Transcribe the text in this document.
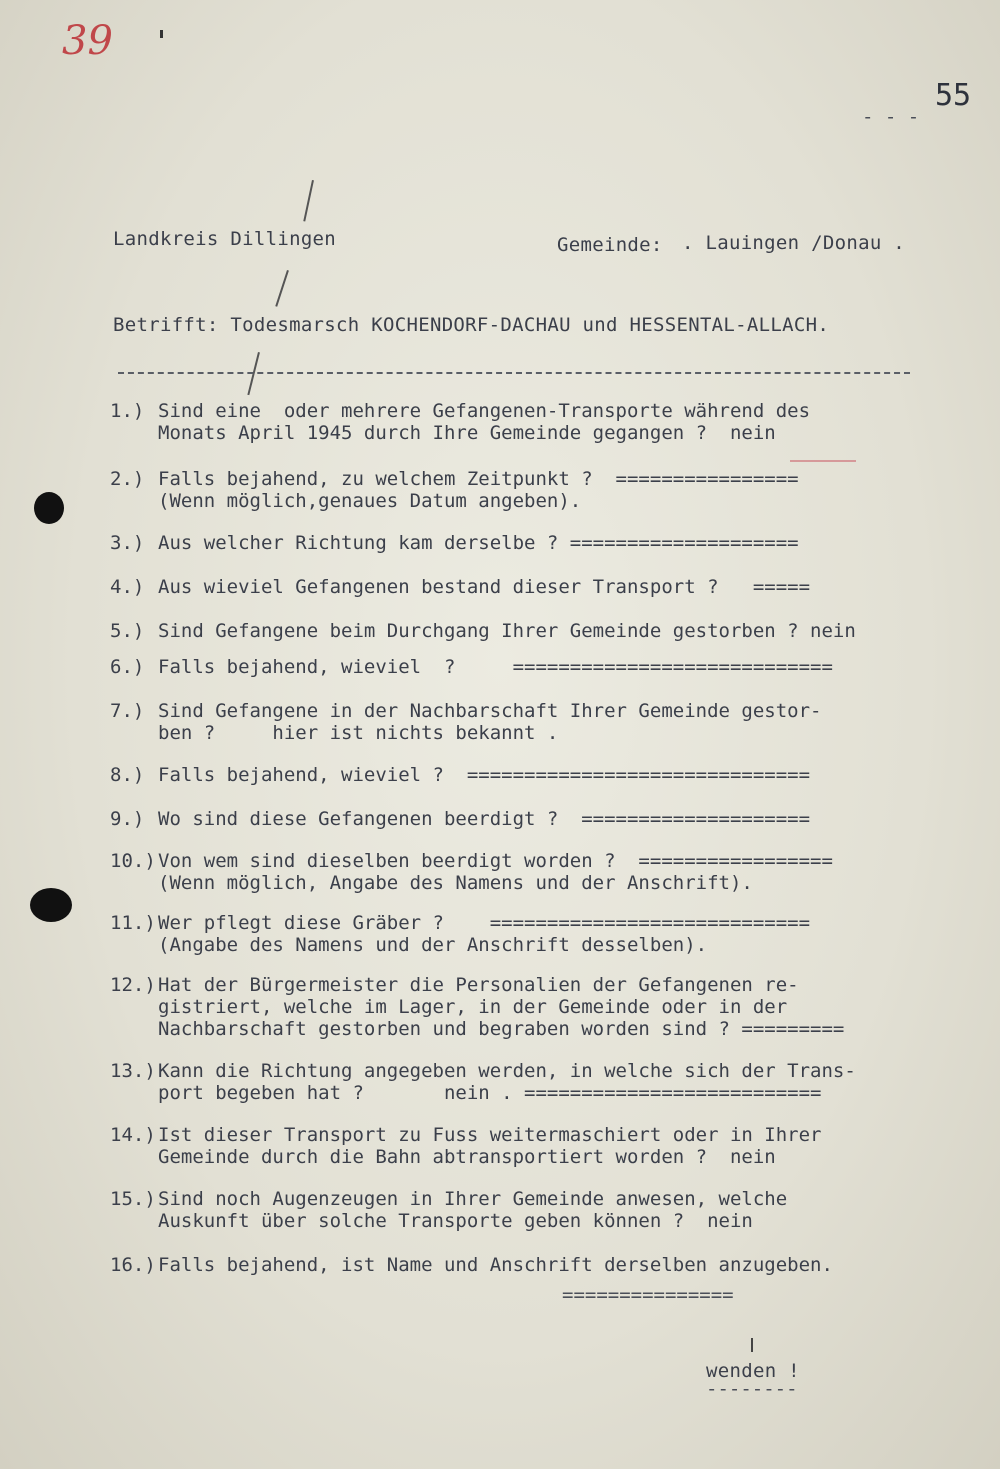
39
55
- - -
Landkreis Dillingen	Gemeinde: . Lauingen /Donau .
Betrifft: Todesmarsch KOCHENDORF-DACHAU und HESSENTAL-ALLACH.
1.) Sind eine  oder mehrere Gefangenen-Transporte während des
Monats April 1945 durch Ihre Gemeinde gegangen ?  nein
2.) Falls bejahend, zu welchem Zeitpunkt ?  ================
(Wenn möglich,genaues Datum angeben).
3.) Aus welcher Richtung kam derselbe ? ====================
4.) Aus wieviel Gefangenen bestand dieser Transport ?   =====
5.) Sind Gefangene beim Durchgang Ihrer Gemeinde gestorben ? nein
6.) Falls bejahend, wieviel  ?     ============================
7.) Sind Gefangene in der Nachbarschaft Ihrer Gemeinde gestor-
ben ?     hier ist nichts bekannt .
8.) Falls bejahend, wieviel ?  ==============================
9.) Wo sind diese Gefangenen beerdigt ?  ====================
10.) Von wem sind dieselben beerdigt worden ?  =================
(Wenn möglich, Angabe des Namens und der Anschrift).
11.) Wer pflegt diese Gräber ?    ============================
(Angabe des Namens und der Anschrift desselben).
12.) Hat der Bürgermeister die Personalien der Gefangenen re-
gistriert, welche im Lager, in der Gemeinde oder in der
Nachbarschaft gestorben und begraben worden sind ? =========
13.) Kann die Richtung angegeben werden, in welche sich der Trans-
port begeben hat ?       nein . ==========================
14.) Ist dieser Transport zu Fuss weitermaschiert oder in Ihrer
Gemeinde durch die Bahn abtransportiert worden ?  nein
15.) Sind noch Augenzeugen in Ihrer Gemeinde anwesen, welche
Auskunft über solche Transporte geben können ?  nein
16.) Falls bejahend, ist Name und Anschrift derselben anzugeben.
===============
wenden !
--------
